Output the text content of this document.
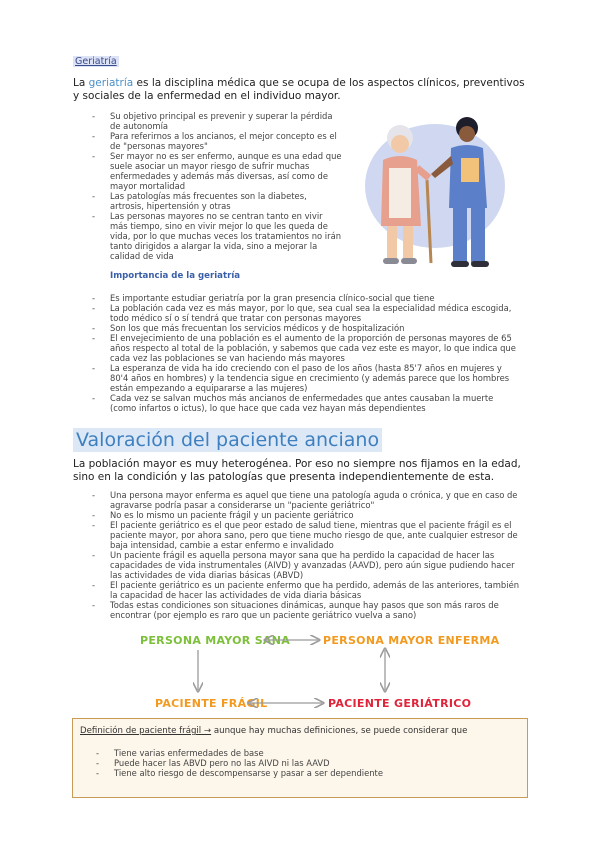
Geriatría
La geriatría es la disciplina médica que se ocupa de los aspectos clínicos, preventivos y sociales de la enfermedad en el individuo mayor.
- Su objetivo principal es prevenir y superar la pérdida de autonomía
- Para referirnos a los ancianos, el mejor concepto es el de "personas mayores"
- Ser mayor no es ser enfermo, aunque es una edad que suele asociar un mayor riesgo de sufrir muchas enfermedades y además más diversas, así como de mayor mortalidad
- Las patologías más frecuentes son la diabetes, artrosis, hipertensión y otras
- Las personas mayores no se centran tanto en vivir más tiempo, sino en vivir mejor lo que les queda de vida, por lo que muchas veces los tratamientos no irán tanto dirigidos a alargar la vida, sino a mejorar la calidad de vida
Importancia de la geriatría
- Es importante estudiar geriatría por la gran presencia clínico-social que tiene
- La población cada vez es más mayor, por lo que, sea cual sea la especialidad médica escogida, todo médico sí o sí tendrá que tratar con personas mayores
- Son los que más frecuentan los servicios médicos y de hospitalización
- El envejecimiento de una población es el aumento de la proporción de personas mayores de 65 años respecto al total de la población, y sabemos que cada vez este es mayor, lo que indica que cada vez las poblaciones se van haciendo más mayores
- La esperanza de vida ha ido creciendo con el paso de los años (hasta 85'7 años en mujeres y 80'4 años en hombres) y la tendencia sigue en crecimiento (y además parece que los hombres están empezando a equipararse a las mujeres)
- Cada vez se salvan muchos más ancianos de enfermedades que antes causaban la muerte (como infartos o ictus), lo que hace que cada vez hayan más dependientes
Valoración del paciente anciano
La población mayor es muy heterogénea. Por eso no siempre nos fijamos en la edad, sino en la condición y las patologías que presenta independientemente de esta.
- Una persona mayor enferma es aquel que tiene una patología aguda o crónica, y que en caso de agravarse podría pasar a considerarse un "paciente geriátrico"
- No es lo mismo un paciente frágil y un paciente geriátrico
- El paciente geriátrico es el que peor estado de salud tiene, mientras que el paciente frágil es el paciente mayor, por ahora sano, pero que tiene mucho riesgo de que, ante cualquier estresor de baja intensidad, cambie a estar enfermo e invalidado
- Un paciente frágil es aquella persona mayor sana que ha perdido la capacidad de hacer las capacidades de vida instrumentales (AIVD) y avanzadas (AAVD), pero aún sigue pudiendo hacer las actividades de vida diarias básicas (ABVD)
- El paciente geriátrico es un paciente enfermo que ha perdido, además de las anteriores, también la capacidad de hacer las actividades de vida diaria básicas
- Todas estas condiciones son situaciones dinámicas, aunque hay pasos que son más raros de encontrar (por ejemplo es raro que un paciente geriátrico vuelva a sano)
PERSONA MAYOR SANA	PERSONA MAYOR ENFERMA
PACIENTE FRÁGIL	PACIENTE GERIÁTRICO
Definición de paciente frágil → aunque hay muchas definiciones, se puede considerar que
- Tiene varias enfermedades de base
- Puede hacer las ABVD pero no las AIVD ni las AAVD
- Tiene alto riesgo de descompensarse y pasar a ser dependiente
